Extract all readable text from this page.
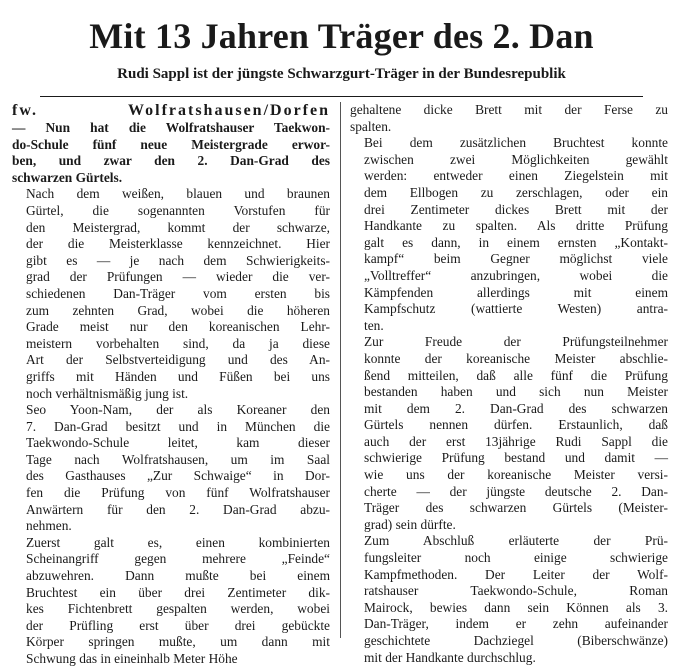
Mit 13 Jahren Träger des 2. Dan
Rudi Sappl ist der jüngste Schwarzgurt-Träger in der Bundesrepublik
fw.	Wolfratshausen/Dorfen

— Nun hat die Wolfratshauser Taekwon-
do-Schule fünf neue Meistergrade erwor-
ben, und zwar den 2. Dan-Grad des
schwarzen Gürtels.

Nach dem weißen, blauen und braunen
Gürtel, die sogenannten Vorstufen für
den Meistergrad, kommt der schwarze,
der die Meisterklasse kennzeichnet. Hier
gibt es — je nach dem Schwierigkeits-
grad der Prüfungen — wieder die ver-
schiedenen Dan-Träger vom ersten bis
zum zehnten Grad, wobei die höheren
Grade meist nur den koreanischen Lehr-
meistern vorbehalten sind, da ja diese
Art der Selbstverteidigung und des An-
griffs mit Händen und Füßen bei uns
noch verhältnismäßig jung ist.

Seo Yoon-Nam, der als Koreaner den
7. Dan-Grad besitzt und in München die
Taekwondo-Schule leitet, kam dieser
Tage nach Wolfratshausen, um im Saal
des Gasthauses „Zur Schwaige“ in Dor-
fen die Prüfung von fünf Wolfratshauser
Anwärtern für den 2. Dan-Grad abzu-
nehmen.

Zuerst galt es, einen kombinierten
Scheinangriff gegen mehrere „Feinde“
abzuwehren. Dann mußte bei einem
Bruchtest ein über drei Zentimeter dik-
kes Fichtenbrett gespalten werden, wobei
der Prüfling erst über drei gebückte
Körper springen mußte, um dann mit
Schwung das in eineinhalb Meter Höhe

gehaltene dicke Brett mit der Ferse zu
spalten.

Bei dem zusätzlichen Bruchtest konnte
zwischen zwei Möglichkeiten gewählt
werden: entweder einen Ziegelstein mit
dem Ellbogen zu zerschlagen, oder ein
drei Zentimeter dickes Brett mit der
Handkante zu spalten. Als dritte Prüfung
galt es dann, in einem ernsten „Kontakt-
kampf“ beim Gegner möglichst viele
„Volltreffer“ anzubringen, wobei die
Kämpfenden allerdings mit einem
Kampfschutz (wattierte Westen) antra-
ten.

Zur Freude der Prüfungsteilnehmer
konnte der koreanische Meister abschlie-
ßend mitteilen, daß alle fünf die Prüfung
bestanden haben und sich nun Meister
mit dem 2. Dan-Grad des schwarzen
Gürtels nennen dürfen. Erstaunlich, daß
auch der erst 13jährige Rudi Sappl die
schwierige Prüfung bestand und damit —
wie uns der koreanische Meister versi-
cherte — der jüngste deutsche 2. Dan-
Träger des schwarzen Gürtels (Meister-
grad) sein dürfte.

Zum Abschluß erläuterte der Prü-
fungsleiter noch einige schwierige
Kampfmethoden. Der Leiter der Wolf-
ratshauser Taekwondo-Schule, Roman
Mairock, bewies dann sein Können als 3.
Dan-Träger, indem er zehn aufeinander
geschichtete Dachziegel (Biberschwänze)
mit der Handkante durchschlug.
